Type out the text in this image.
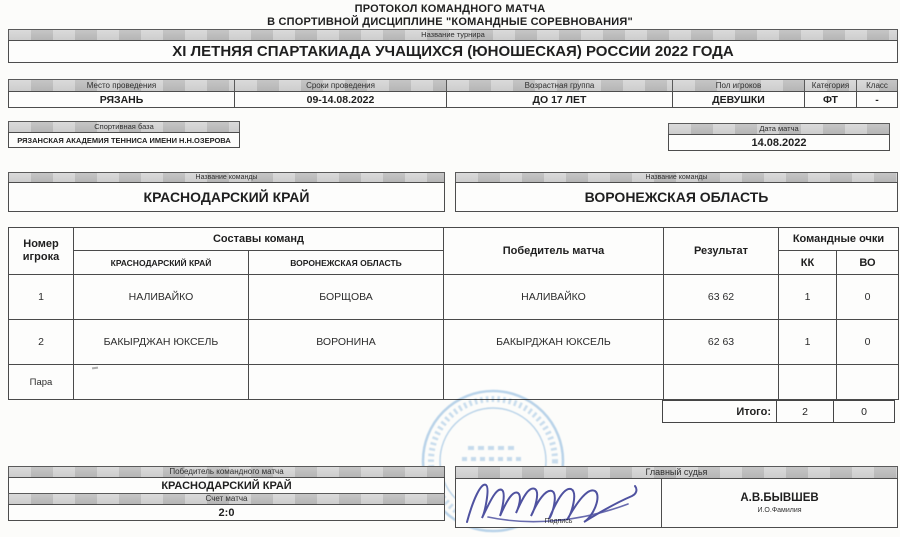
ПРОТОКОЛ КОМАНДНОГО МАТЧА
В СПОРТИВНОЙ ДИСЦИПЛИНЕ "КОМАНДНЫЕ СОРЕВНОВАНИЯ"
Название турнира
XI ЛЕТНЯЯ СПАРТАКИАДА УЧАЩИХСЯ (ЮНОШЕСКАЯ) РОССИИ 2022 ГОДА
Место проведения
РЯЗАНЬ
Сроки проведения
09-14.08.2022
Возрастная группа
ДО 17 ЛЕТ
Пол игроков
ДЕВУШКИ
Категория
ФТ
Класс
-
Спортивная база
РЯЗАНСКАЯ АКАДЕМИЯ ТЕННИСА ИМЕНИ Н.Н.ОЗЕРОВА
Дата матча
14.08.2022
Название команды
КРАСНОДАРСКИЙ КРАЙ
Название команды
ВОРОНЕЖСКАЯ ОБЛАСТЬ
Номер игрока	Составы команд		Победитель матча	Результат	Командные очки	
	КРАСНОДАРСКИЙ КРАЙ	ВОРОНЕЖСКАЯ ОБЛАСТЬ			КК	ВО
1	НАЛИВАЙКО	БОРЩОВА	НАЛИВАЙКО	63 62	1	0
2	БАКЫРДЖАН ЮКСЕЛЬ	ВОРОНИНА	БАКЫРДЖАН ЮКСЕЛЬ	62 63	1	0
Пара						
Итого:	2	0
Победитель командного матча
КРАСНОДАРСКИЙ КРАЙ
Счет матча
2:0
Главный судья
Подпись
А.В.БЫВШЕВ
И.О.Фамилия
